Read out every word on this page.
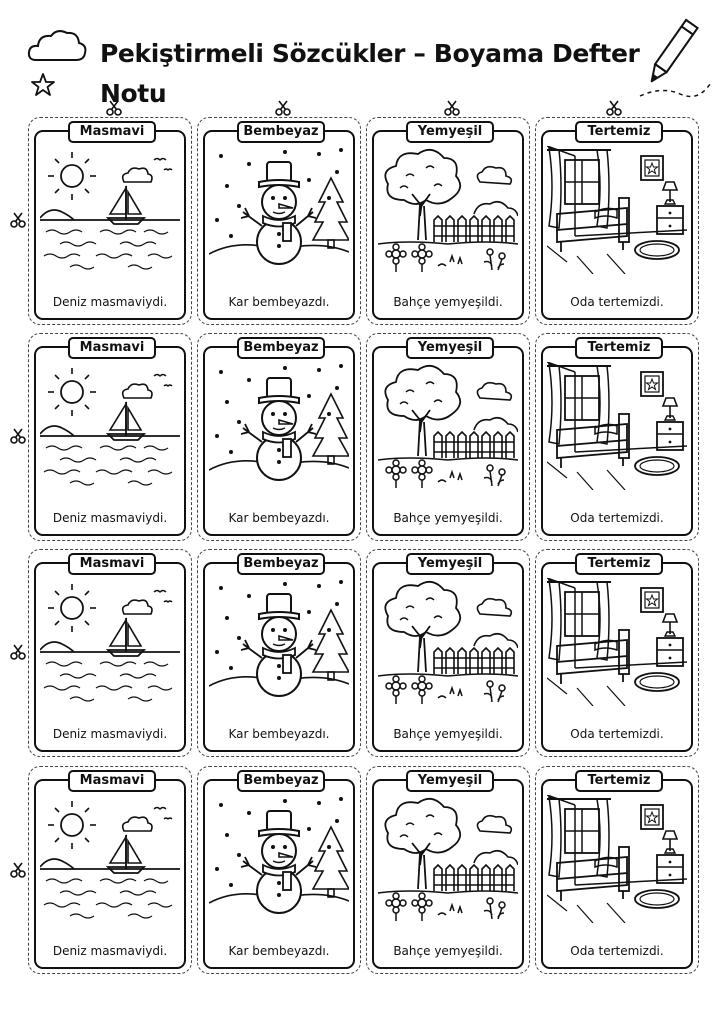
Pekiştirmeli Sözcükler – Boyama Defter Notu
Masmavi
Deniz masmaviydi.
Bembeyaz
Kar bembeyazdı.
Yemyeşil
Bahçe yemyeşildi.
Tertemiz
Oda tertemizdi.
Masmavi
Deniz masmaviydi.
Bembeyaz
Kar bembeyazdı.
Yemyeşil
Bahçe yemyeşildi.
Tertemiz
Oda tertemizdi.
Masmavi
Deniz masmaviydi.
Bembeyaz
Kar bembeyazdı.
Yemyeşil
Bahçe yemyeşildi.
Tertemiz
Oda tertemizdi.
Masmavi
Deniz masmaviydi.
Bembeyaz
Kar bembeyazdı.
Yemyeşil
Bahçe yemyeşildi.
Tertemiz
Oda tertemizdi.
